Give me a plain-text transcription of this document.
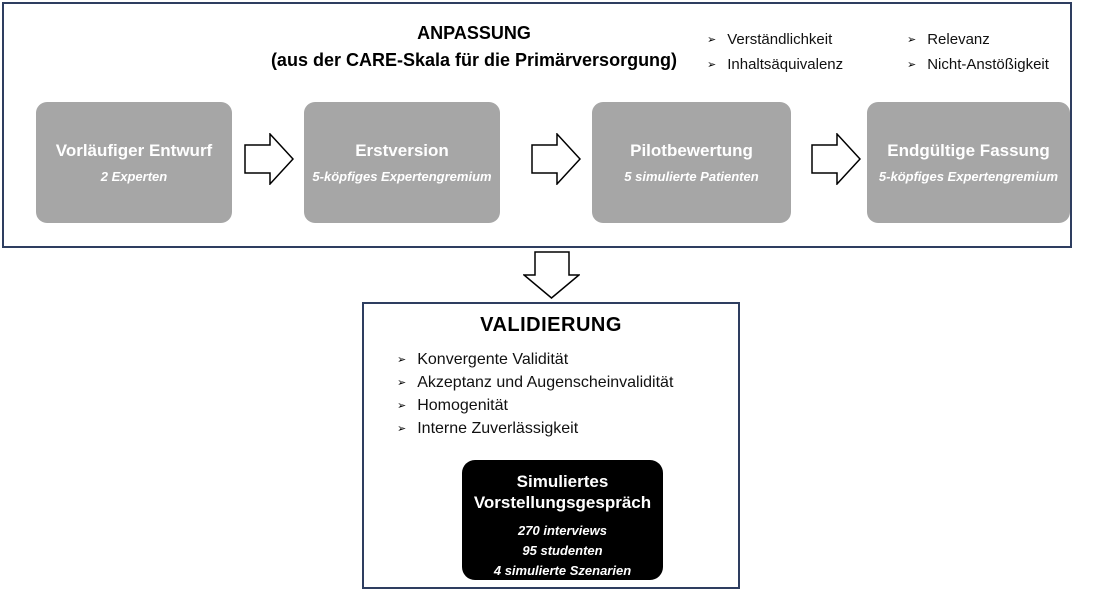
ANPASSUNG
(aus der CARE-Skala für die Primärversorgung)
➢ Verständlichkeit
➢ Inhaltsäquivalenz
➢ Relevanz
➢ Nicht-Anstößigkeit
Vorläufiger Entwurf
2 Experten
Erstversion
5-köpfiges Expertengremium
Pilotbewertung
5 simulierte Patienten
Endgültige Fassung
5-köpfiges Expertengremium
VALIDIERUNG
➢ Konvergente Validität
➢ Akzeptanz und Augenscheinvalidität
➢ Homogenität
➢ Interne Zuverlässigkeit
Simuliertes
Vorstellungsgespräch
270 interviews
95 studenten
4 simulierte Szenarien
